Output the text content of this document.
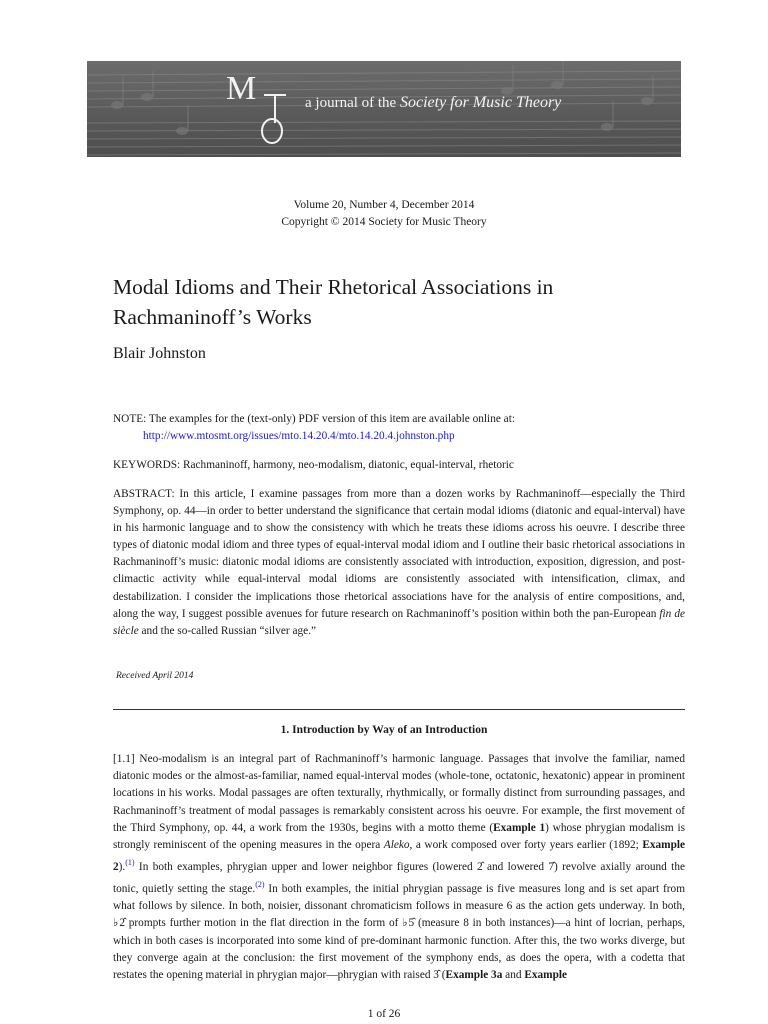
M	a journal of the Society for Music Theory
Volume 20, Number 4, December 2014
Copyright © 2014 Society for Music Theory
Modal Idioms and Their Rhetorical Associations in Rachmaninoff’s Works
Blair Johnston
NOTE: The examples for the (text-only) PDF version of this item are available online at:
http://www.mtosmt.org/issues/mto.14.20.4/mto.14.20.4.johnston.php
KEYWORDS: Rachmaninoff, harmony, neo-modalism, diatonic, equal-interval, rhetoric
ABSTRACT: In this article, I examine passages from more than a dozen works by Rachmaninoff—especially the Third Symphony, op. 44—in order to better understand the significance that certain modal idioms (diatonic and equal-interval) have in his harmonic language and to show the consistency with which he treats these idioms across his oeuvre. I describe three types of diatonic modal idiom and three types of equal-interval modal idiom and I outline their basic rhetorical associations in Rachmaninoff’s music: diatonic modal idioms are consistently associated with introduction, exposition, digression, and post-climactic activity while equal-interval modal idioms are consistently associated with intensification, climax, and destabilization. I consider the implications those rhetorical associations have for the analysis of entire compositions, and, along the way, I suggest possible avenues for future research on Rachmaninoff’s position within both the pan-European fin de siècle and the so-called Russian “silver age.”
Received April 2014
1. Introduction by Way of an Introduction
[1.1] Neo-modalism is an integral part of Rachmaninoff’s harmonic language. Passages that involve the familiar, named diatonic modes or the almost-as-familiar, named equal-interval modes (whole-tone, octatonic, hexatonic) appear in prominent locations in his works. Modal passages are often texturally, rhythmically, or formally distinct from surrounding passages, and Rachmaninoff’s treatment of modal passages is remarkably consistent across his oeuvre. For example, the first movement of the Third Symphony, op. 44, a work from the 1930s, begins with a motto theme (Example 1) whose phrygian modalism is strongly reminiscent of the opening measures in the opera Aleko, a work composed over forty years earlier (1892; Example 2).$^{(1)}$ In both examples, phrygian upper and lower neighbor figures (lowered 2̂ and lowered 7̂) revolve axially around the tonic, quietly setting the stage.$^{(2)}$ In both examples, the initial phrygian passage is five measures long and is set apart from what follows by silence. In both, noisier, dissonant chromaticism follows in measure 6 as the action gets underway. In both, ♭2̂ prompts further motion in the flat direction in the form of ♭5̂ (measure 8 in both instances)—a hint of locrian, perhaps, which in both cases is incorporated into some kind of pre-dominant harmonic function. After this, the two works diverge, but they converge again at the conclusion: the first movement of the symphony ends, as does the opera, with a codetta that restates the opening material in phrygian major—phrygian with raised 3̂ (Example 3a and Example
1 of 26
